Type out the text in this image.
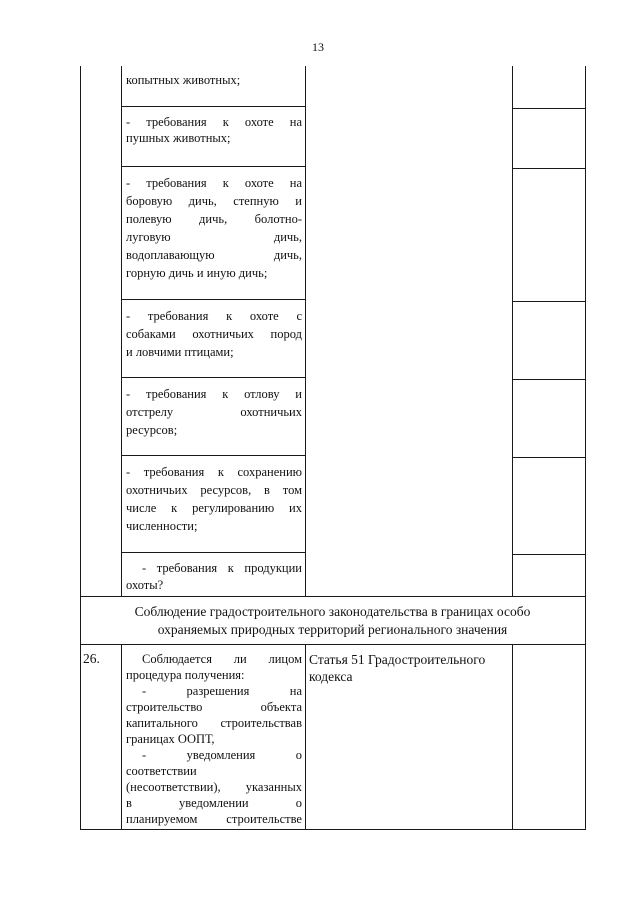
13
копытных животных;
- требования к охоте на
пушных животных;
- требования к охоте на
боровую дичь, степную и
полевую дичь, болотно-
луговую дичь,
водоплавающую дичь,
горную дичь и иную дичь;
- требования к охоте с
собаками охотничьих пород
и ловчими птицами;
- требования к отлову и
отстрелу охотничьих
ресурсов;
- требования к сохранению
охотничьих ресурсов, в том
числе к регулированию их
численности;
- требования к продукции
охоты?
Соблюдение градостроительного законодательства в границах особо
охраняемых природных территорий регионального значения
26.	Соблюдается ли лицом
процедура получения:
- разрешения на
строительство объекта
капитального строительствав
границах ООПТ,
- уведомления о
соответствии
(несоответствии), указанных
в уведомлении о
планируемом строительстве
Статья 51 Градостроительного кодекса
